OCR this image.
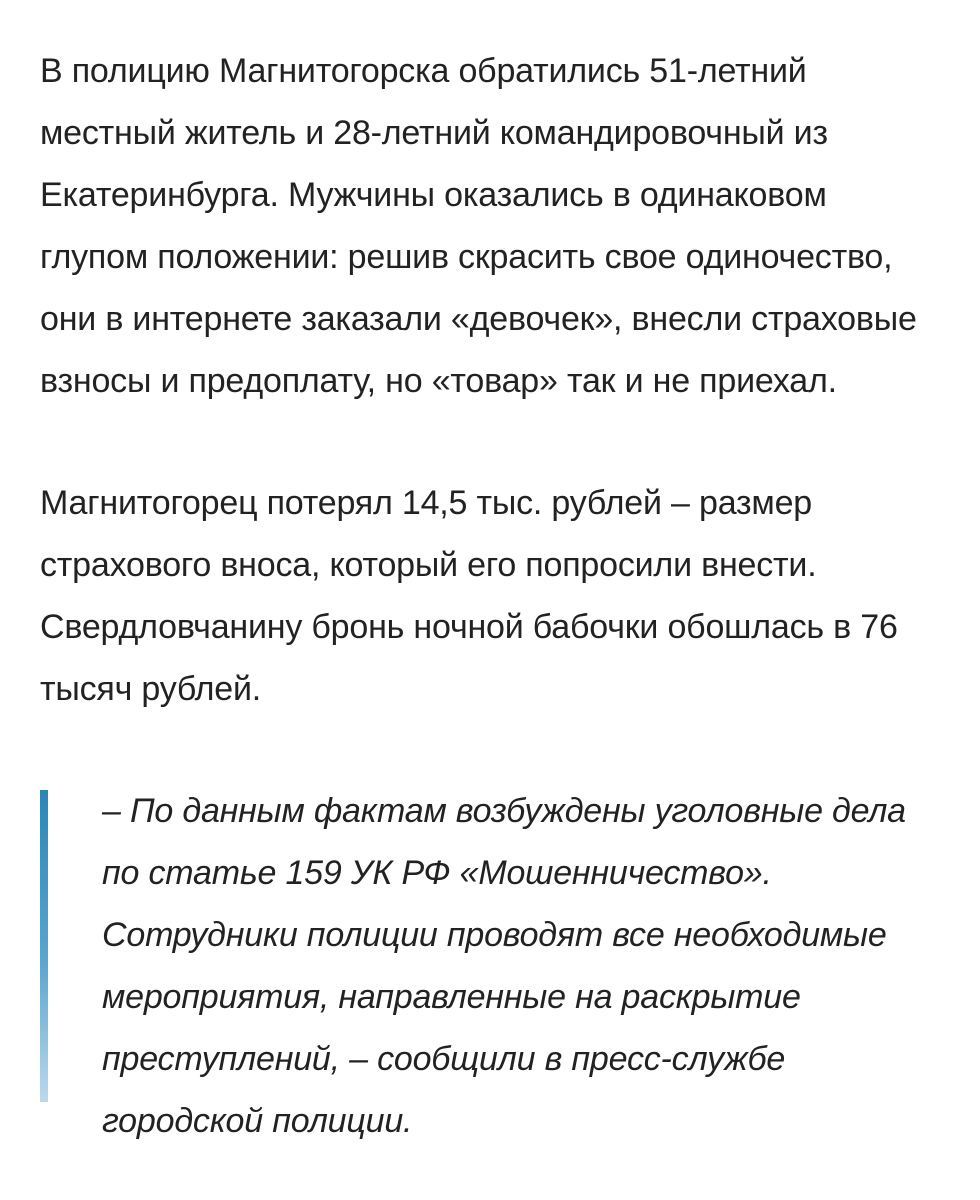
В полицию Магнитогорска обратились 51-летний местный житель и 28-летний командировочный из Екатеринбурга. Мужчины оказались в одинаковом глупом положении: решив скрасить свое одиночество, они в интернете заказали «девочек», внесли страховые взносы и предоплату, но «товар» так и не приехал.

Магнитогорец потерял 14,5 тыс. рублей – размер страхового вноса, который его попросили внести. Свердловчанину бронь ночной бабочки обошлась в 76 тысяч рублей.

– По данным фактам возбуждены уголовные дела по статье 159 УК РФ «Мошенничество». Сотрудники полиции проводят все необходимые мероприятия, направленные на раскрытие преступлений, – сообщили в пресс-службе городской полиции.
